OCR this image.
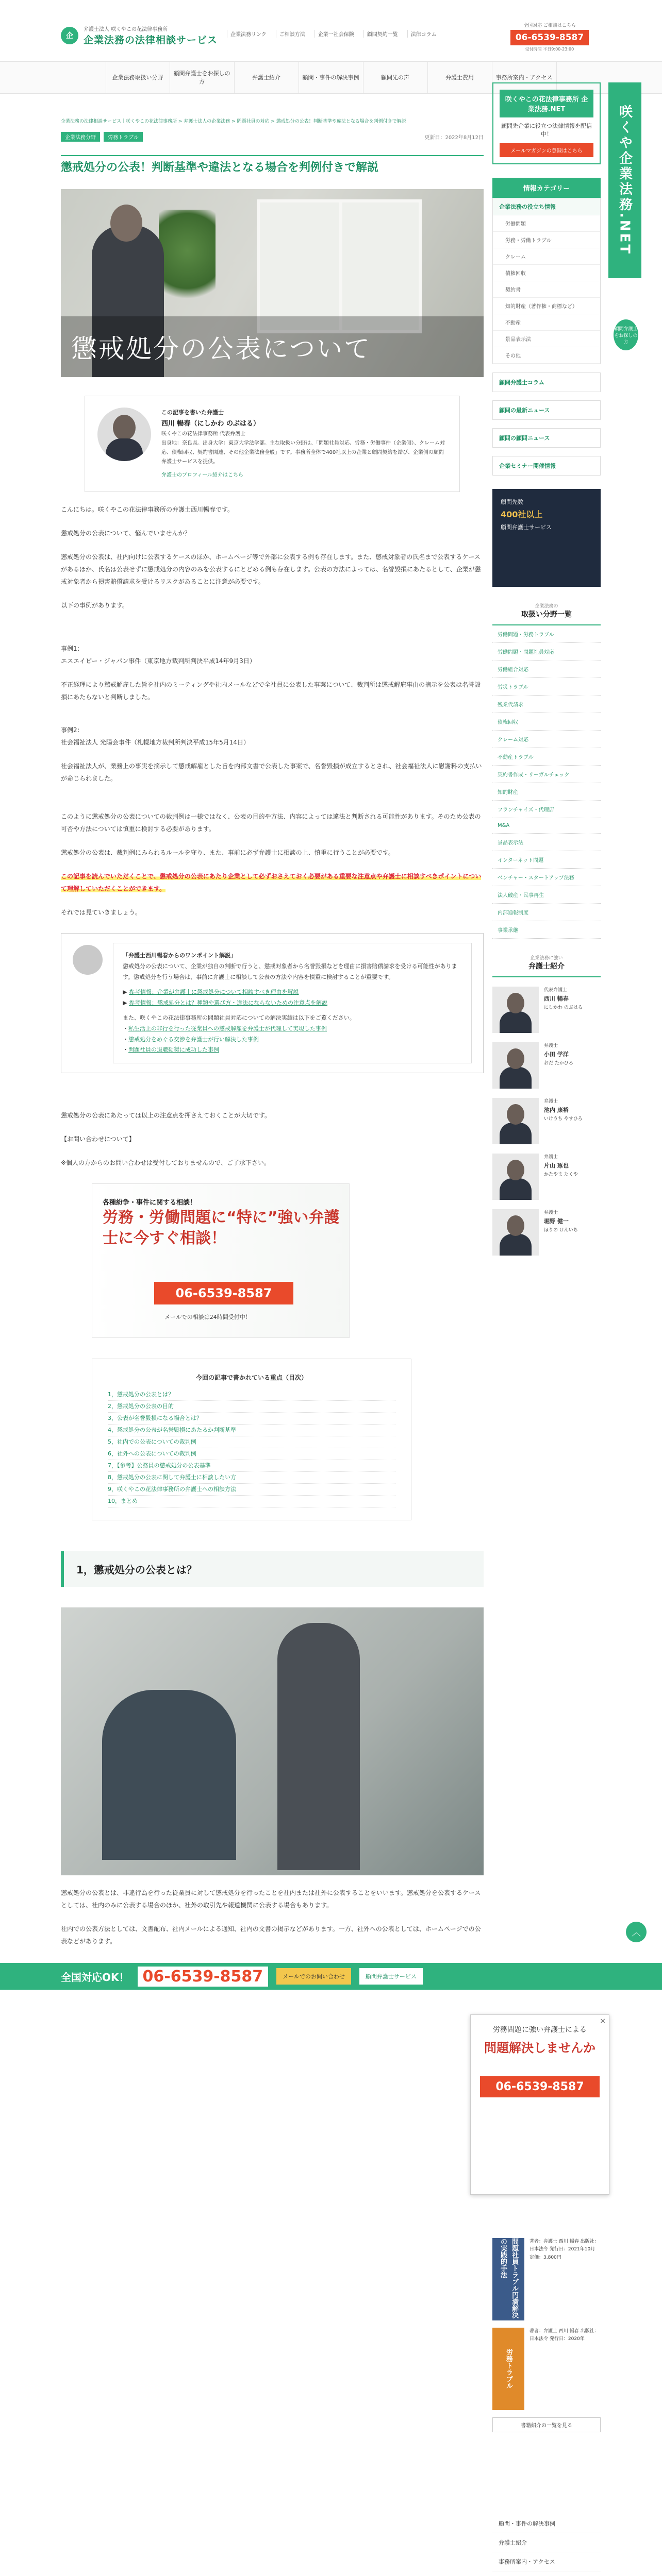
企
弁護士法人 咲くやこの花法律事務所
企業法務の法律相談サービス	企業法務リンク	ご相談方法	企業一社会保険	顧問契約一覧	法律コラム
全国対応 ご相談はこちら
06-6539-8587
受付時間 平日9:00-23:00
企業法務取扱い分野
顧問弁護士をお探しの方
弁護士紹介	顧問・事件の解決事例	顧問先の声	弁護士費用	事務所案内・アクセス
企業法務の法律相談サービス｜咲くやこの花法律事務所 > 弁護士法人の企業法務 > 問題社員の対応 > 懲戒処分の公表！判断基準や違法となる場合を判例付きで解説
企業法務分野 労務トラブル	更新日：2022年8月12日
懲戒処分の公表！判断基準や違法となる場合を判例付きで解説
懲戒処分の公表について
この記事を書いた弁護士
西川 暢春（にしかわ のぶはる）
咲くやこの花法律事務所 代表弁護士
出身地：奈良県。出身大学：東京大学法学部。主な取扱い分野は、「問題社員対応、労務・労働事件（企業側）、クレーム対応、債権回収、契約書関連、その他企業法務全般」です。事務所全体で400社以上の企業と顧問契約を結び、企業側の顧問弁護士サービスを提供。
弁護士のプロフィール紹介はこちら

こんにちは。咲くやこの花法律事務所の弁護士西川暢春です。

懲戒処分の公表について、悩んでいませんか？

懲戒処分の公表は、社内向けに公表するケースのほか、ホームページ等で外部に公表する例も存在します。また、懲戒対象者の氏名まで公表するケースがあるほか、氏名は公表せずに懲戒処分の内容のみを公表するにとどめる例も存在します。公表の方法によっては、名誉毀損にあたるとして、企業が懲戒対象者から損害賠償請求を受けるリスクがあることに注意が必要です。

以下の事例があります。

事例1：
エスエイピー・ジャパン事件（東京地方裁判所判決平成14年9月3日）

不正経理により懲戒解雇した旨を社内のミーティングや社内メールなどで全社員に公表した事案について、裁判所は懲戒解雇事由の摘示を公表は名誉毀損にあたらないと判断しました。

事例2：
社会福祉法人 光陽会事件（札幌地方裁判所判決平成15年5月14日）

社会福祉法人が、業務上の事実を摘示して懲戒解雇とした旨を内部文書で公表した事案で、名誉毀損が成立するとされ、社会福祉法人に慰謝料の支払いが命じられました。

このように懲戒処分の公表についての裁判例は一様ではなく、公表の目的や方法、内容によっては違法と判断される可能性があります。そのため公表の可否や方法については慎重に検討する必要があります。

懲戒処分の公表は、裁判例にみられるルールを守り、また、事前に必ず弁護士に相談の上、慎重に行うことが必要です。

この記事を読んでいただくことで、懲戒処分の公表にあたり企業として必ずおさえておく必要がある重要な注意点や弁護士に相談すべきポイントについて理解していただくことができます。

それでは見ていきましょう。

「弁護士西川暢春からのワンポイント解説」
懲戒処分の公表について、企業が独自の判断で行うと、懲戒対象者から名誉毀損などを理由に損害賠償請求を受ける可能性があります。懲戒処分を行う場合は、事前に弁護士に相談して公表の方法や内容を慎重に検討することが重要です。
▶ 参考情報：企業が弁護士に懲戒処分について相談すべき理由を解説
▶ 参考情報：懲戒処分とは？種類や選び方・違法にならないための注意点を解説
また、咲くやこの花法律事務所の問題社員対応についての解決実績は以下をご覧ください。
・私生活上の非行を行った従業員への懲戒解雇を弁護士が代理して実現した事例
・懲戒処分をめぐる交渉を弁護士が行い解決した事例
・問題社員の退職勧奨に成功した事例

懲戒処分の公表にあたっては以上の注意点を押さえておくことが大切です。

【お問い合わせについて】

※個人の方からのお問い合わせは受付しておりませんので、ご了承下さい。

各種紛争・事件に関する相談！
労務・労働問題に“特に”強い弁護士に今すぐ相談！
06-6539-8587
メールでの相談は24時間受付中！
今回の記事で書かれている重点（目次）
1，懲戒処分の公表とは？
2，懲戒処分の公表の目的
3，公表が名誉毀損になる場合とは？
4，懲戒処分の公表が名誉毀損にあたるか判断基準
5，社内での公表についての裁判例
6，社外への公表についての裁判例
7，【参考】公務員の懲戒処分の公表基準
8，懲戒処分の公表に関して弁護士に相談したい方
9，咲くやこの花法律事務所の弁護士への相談方法
10，まとめ
1，懲戒処分の公表とは？

懲戒処分の公表とは、非違行為を行った従業員に対して懲戒処分を行ったことを社内または社外に公表することをいいます。懲戒処分を公表するケースとしては、社内のみに公表する場合のほか、社外の取引先や報道機関に公表する場合もあります。

社内での公表方法としては、文書配布、社内メールによる通知、社内の文書の掲示などがあります。一方、社外への公表としては、ホームページでの公表などがあります。

咲くやこの花法律事務所 企業法務.NET
顧問先企業に役立つ法律情報を配信中！
メールマガジンの登録はこちら
情報カテゴリー
企業法務の役立ち情報
労働問題
労務・労働トラブル
クレーム
債権回収
契約書
知的財産（著作権・商標など）
不動産
景品表示法
その他
顧問弁護士コラム
顧問の最新ニュース
顧問の顧問ニュース
企業セミナー開催情報
顧問先数
400社以上
顧問弁護士サービス
企業法務の
取扱い分野一覧
労働問題・労務トラブル
労働問題・問題社員対応
労働組合対応
労災トラブル
残業代請求
債権回収
クレーム対応
不動産トラブル
契約書作成・リーガルチェック
知的財産
フランチャイズ・代理店
M&A
景品表示法
インターネット問題
ベンチャー・スタートアップ法務
法人破産・民事再生
内部通報制度
事業承継
企業法務に強い
弁護士紹介
代表弁護士
西川 暢春
にしかわ のぶはる
弁護士
小田 学洋
おだ たかひろ
弁護士
池内 康裕
いけうち やすひろ
弁護士
片山 琢也
かたやま たくや
弁護士
堀野 健一
ほりの けんいち
咲くや企業法務.NET
顧問弁護士をお探しの方
︿
全国対応OK！ 06-6539-8587	メールでのお問い合わせ	顧問弁護士サービス
×
労務問題に強い弁護士による
問題解決しませんか
06-6539-8587
問題社員トラブル円満解決の実践的手法	著者：弁護士 西川 暢春 出版社：日本法令 発行日：2021年10月 定価：3,800円
労務トラブル
著者：弁護士 西川 暢春 出版社：日本法令 発行日：2020年
書籍紹介の一覧を見る
顧問・事件の解決事例
弁護士紹介
事務所案内・アクセス
